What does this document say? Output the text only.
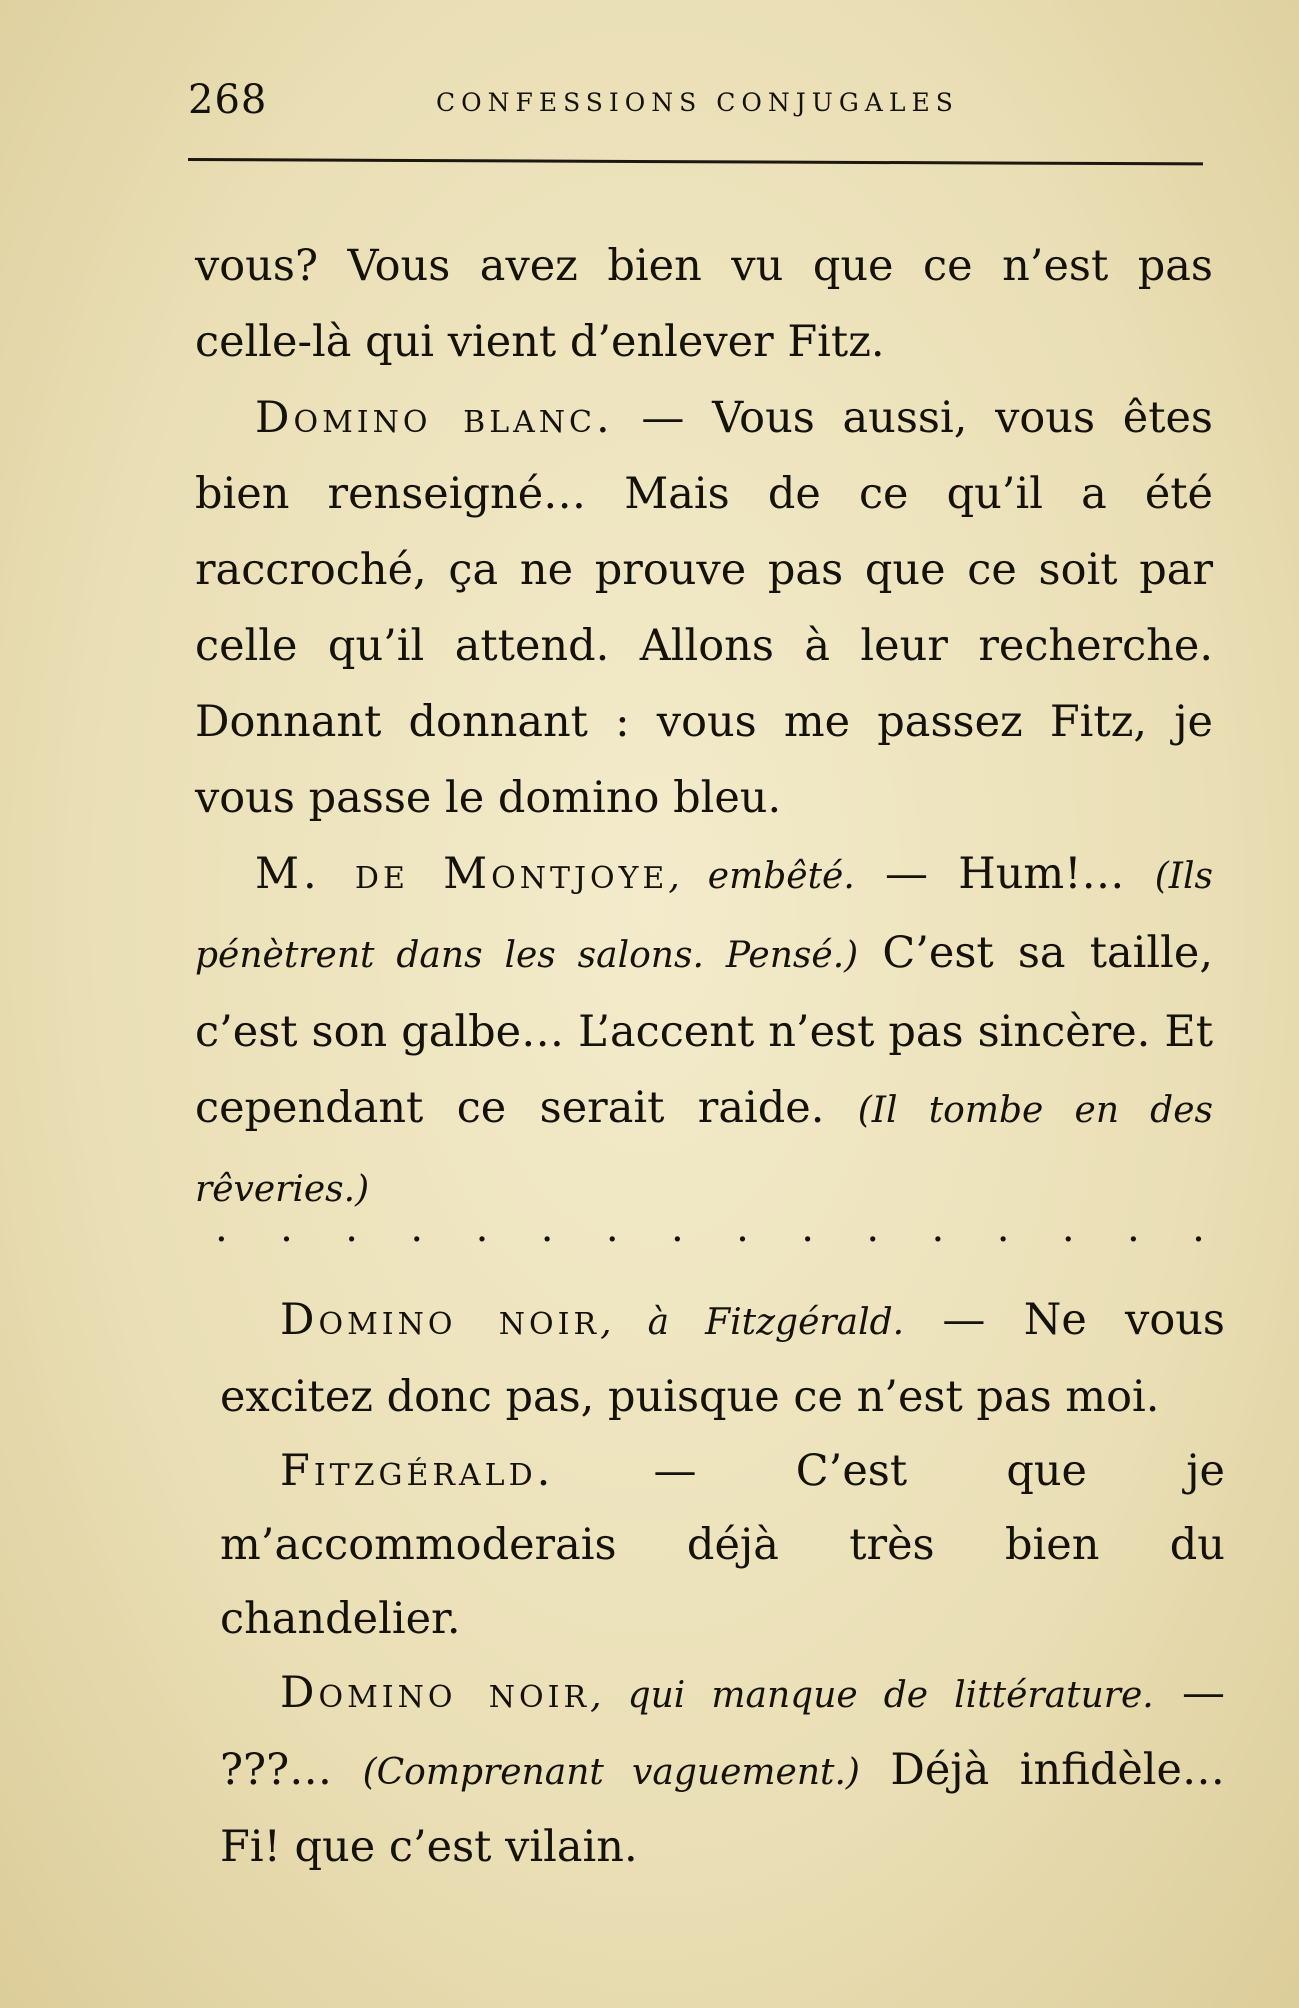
268	CONFESSIONS CONJUGALES

vous? Vous avez bien vu que ce n’est pas celle-là qui vient d’enlever Fitz.

Domino blanc. — Vous aussi, vous êtes bien renseigné… Mais de ce qu’il a été raccroché, ça ne prouve pas que ce soit par celle qu’il attend. Allons à leur recherche. Donnant donnant : vous me passez Fitz, je vous passe le domino bleu.

M. de Montjoye, embêté. — Hum!… (Ils pénètrent dans les salons. Pensé.) C’est sa taille, c’est son galbe… L’accent n’est pas sincère. Et cependant ce serait raide. (Il tombe en des rêveries.)

. . . . . . . . . . . . . . . .

Domino noir, à Fitzgérald. — Ne vous excitez donc pas, puisque ce n’est pas moi.

Fitzgérald. — C’est que je m’accommoderais déjà très bien du chandelier.

Domino noir, qui manque de littérature. — ???… (Comprenant vaguement.) Déjà infidèle… Fi! que c’est vilain.
